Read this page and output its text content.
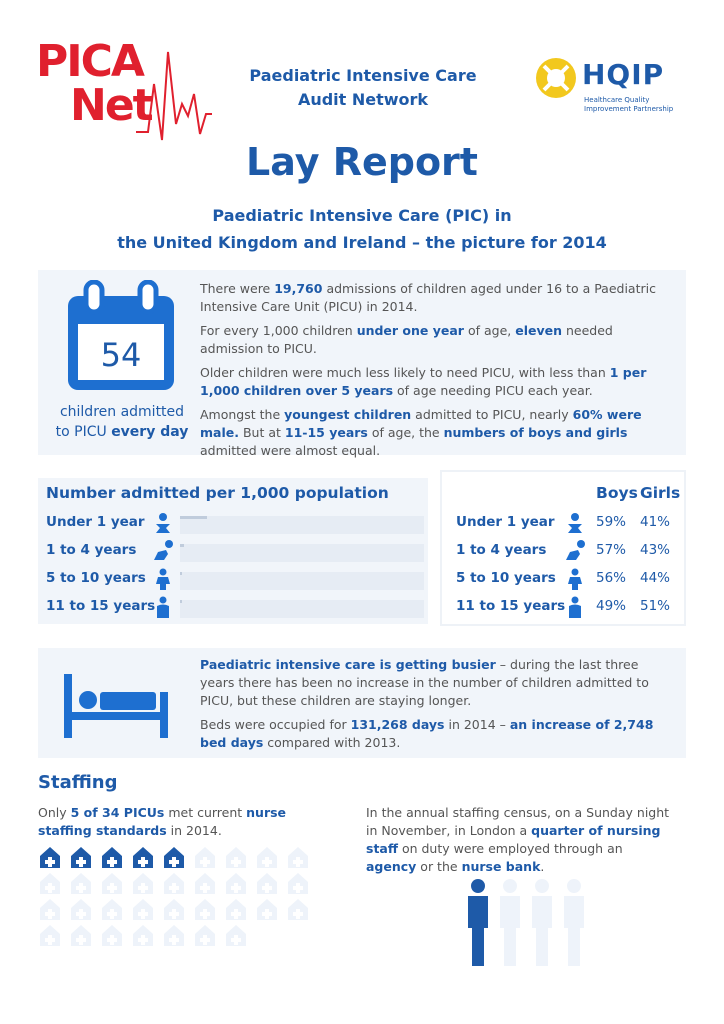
PICA
Net
Paediatric Intensive Care
Audit Network
HQIP
Healthcare Quality
Improvement Partnership
Lay Report
Paediatric Intensive Care (PIC) in
the United Kingdom and Ireland – the picture for 2014
54
children admitted
to PICU every day

There were 19,760 admissions of children aged under 16 to a Paediatric Intensive Care Unit (PICU) in 2014.

For every 1,000 children under one year of age, eleven needed admission to PICU.

Older children were much less likely to need PICU, with less than 1 per 1,000 children over 5 years of age needing PICU each year.

Amongst the youngest children admitted to PICU, nearly 60% were male. But at 11-15 years of age, the numbers of boys and girls admitted were almost equal.

Number admitted per 1,000 population
Under 1 year
1 to 4 years
5 to 10 years
11 to 15 years
Boys Girls
Under 1 year	59% 41%
1 to 4 years	57% 43%
5 to 10 years	56% 44%
11 to 15 years 49% 51%

Paediatric intensive care is getting busier – during the last three years there has been no increase in the number of children admitted to PICU, but these children are staying longer.

Beds were occupied for 131,268 days in 2014 – an increase of 2,748 bed days compared with 2013.

Staffing
Only 5 of 34 PICUs met current nurse staffing standards in 2014.
In the annual staffing census, on a Sunday night in November, in London a quarter of nursing staff on duty were employed through an agency or the nurse bank.
